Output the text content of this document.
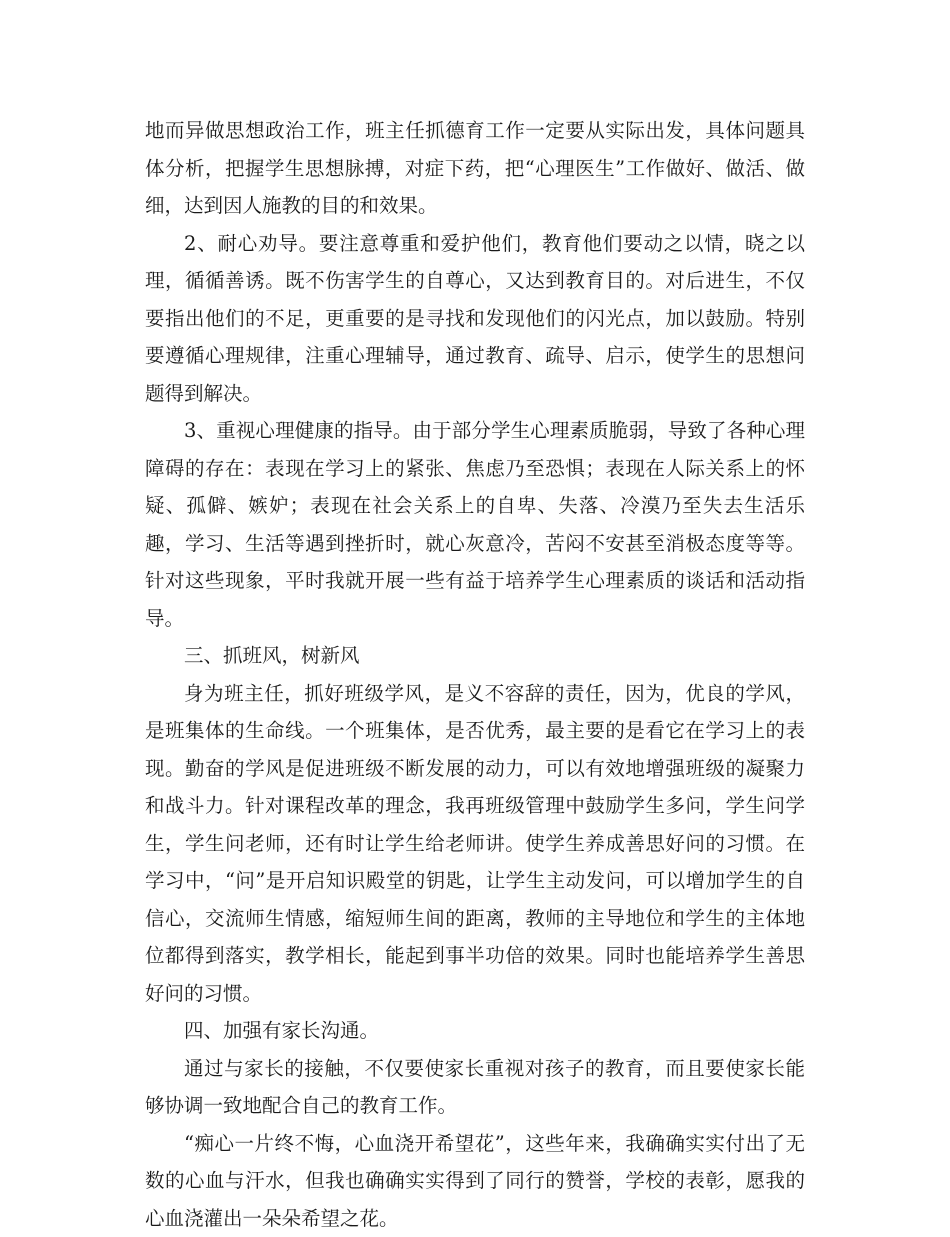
地而异做思想政治工作，班主任抓德育工作一定要从实际出发，具体问题具体分析，把握学生思想脉搏，对症下药，把“心理医生”工作做好、做活、做细，达到因人施教的目的和效果。

2、耐心劝导。要注意尊重和爱护他们，教育他们要动之以情，晓之以理，循循善诱。既不伤害学生的自尊心，又达到教育目的。对后进生，不仅要指出他们的不足，更重要的是寻找和发现他们的闪光点，加以鼓励。特别要遵循心理规律，注重心理辅导，通过教育、疏导、启示，使学生的思想问题得到解决。

3、重视心理健康的指导。由于部分学生心理素质脆弱，导致了各种心理障碍的存在：表现在学习上的紧张、焦虑乃至恐惧；表现在人际关系上的怀疑、孤僻、嫉妒；表现在社会关系上的自卑、失落、冷漠乃至失去生活乐趣，学习、生活等遇到挫折时，就心灰意冷，苦闷不安甚至消极态度等等。针对这些现象，平时我就开展一些有益于培养学生心理素质的谈话和活动指导。

三、抓班风，树新风

身为班主任，抓好班级学风，是义不容辞的责任，因为，优良的学风，是班集体的生命线。一个班集体，是否优秀，最主要的是看它在学习上的表现。勤奋的学风是促进班级不断发展的动力，可以有效地增强班级的凝聚力和战斗力。针对课程改革的理念，我再班级管理中鼓励学生多问，学生问学生，学生问老师，还有时让学生给老师讲。使学生养成善思好问的习惯。在学习中，“问”是开启知识殿堂的钥匙，让学生主动发问，可以增加学生的自信心，交流师生情感，缩短师生间的距离，教师的主导地位和学生的主体地位都得到落实，教学相长，能起到事半功倍的效果。同时也能培养学生善思好问的习惯。

四、加强有家长沟通。

通过与家长的接触，不仅要使家长重视对孩子的教育，而且要使家长能够协调一致地配合自己的教育工作。

“痴心一片终不悔，心血浇开希望花”，这些年来，我确确实实付出了无数的心血与汗水，但我也确确实实得到了同行的赞誉，学校的表彰，愿我的心血浇灌出一朵朵希望之花。
